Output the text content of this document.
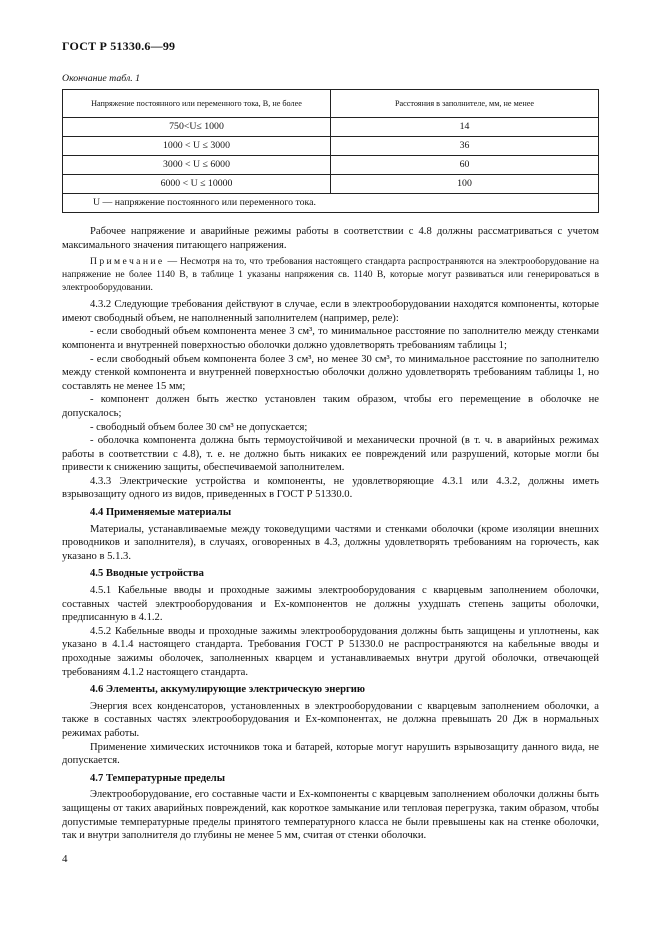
ГОСТ Р 51330.6—99
Окончание табл. 1
Напряжение постоянного или переменного тока, В, не более	Расстояния в заполнителе, мм, не менее
750<U≤ 1000	14
1000 < U ≤ 3000	36
3000 < U ≤ 6000	60
6000 < U ≤ 10000	100
U — напряжение постоянного или переменного тока.	

Рабочее напряжение и аварийные режимы работы в соответствии с 4.8 должны рассматриваться с учетом максимального значения питающего напряжения.

Примечание — Несмотря на то, что требования настоящего стандарта распространяются на электрооборудование на напряжение не более 1140 В, в таблице 1 указаны напряжения св. 1140 В, которые могут развиваться или генерироваться в электрооборудовании.

4.3.2 Следующие требования действуют в случае, если в электрооборудовании находятся компоненты, которые имеют свободный объем, не наполненный заполнителем (например, реле):

- если свободный объем компонента менее 3 см³, то минимальное расстояние по заполнителю между стенками компонента и внутренней поверхностью оболочки должно удовлетворять требованиям таблицы 1;

- если свободный объем компонента более 3 см³, но менее 30 см³, то минимальное расстояние по заполнителю между стенкой компонента и внутренней поверхностью оболочки должно удовлетворять требованиям таблицы 1, но составлять не менее 15 мм;

- компонент должен быть жестко установлен таким образом, чтобы его перемещение в оболочке не допускалось;

- свободный объем более 30 см³ не допускается;

- оболочка компонента должна быть термоустойчивой и механически прочной (в т. ч. в аварийных режимах работы в соответствии с 4.8), т. е. не должно быть никаких ее повреждений или разрушений, которые могли бы привести к снижению защиты, обеспечиваемой заполнителем.

4.3.3 Электрические устройства и компоненты, не удовлетворяющие 4.3.1 или 4.3.2, должны иметь взрывозащиту одного из видов, приведенных в ГОСТ Р 51330.0.

4.4 Применяемые материалы

Материалы, устанавливаемые между токоведущими частями и стенками оболочки (кроме изоляции внешних проводников и заполнителя), в случаях, оговоренных в 4.3, должны удовлетворять требованиям на горючесть, как указано в 5.1.3.

4.5 Вводные устройства

4.5.1 Кабельные вводы и проходные зажимы электрооборудования с кварцевым заполнением оболочки, составных частей электрооборудования и Ех-компонентов не должны ухудшать степень защиты оболочки, предписанную в 4.1.2.

4.5.2 Кабельные вводы и проходные зажимы электрооборудования должны быть защищены и уплотнены, как указано в 4.1.4 настоящего стандарта. Требования ГОСТ Р 51330.0 не распространяются на кабельные вводы и проходные зажимы оболочек, заполненных кварцем и устанавливаемых внутри другой оболочки, отвечающей требованиям 4.1.2 настоящего стандарта.

4.6 Элементы, аккумулирующие электрическую энергию

Энергия всех конденсаторов, установленных в электрооборудовании с кварцевым заполнением оболочки, а также в составных частях электрооборудования и Ех-компонентах, не должна превышать 20 Дж в нормальных режимах работы.

Применение химических источников тока и батарей, которые могут нарушить взрывозащиту данного вида, не допускается.

4.7 Температурные пределы

Электрооборудование, его составные части и Ех-компоненты с кварцевым заполнением оболочки должны быть защищены от таких аварийных повреждений, как короткое замыкание или тепловая перегрузка, таким образом, чтобы допустимые температурные пределы принятого температурного класса не были превышены как на стенке оболочки, так и внутри заполнителя до глубины не менее 5 мм, считая от стенки оболочки.

4
